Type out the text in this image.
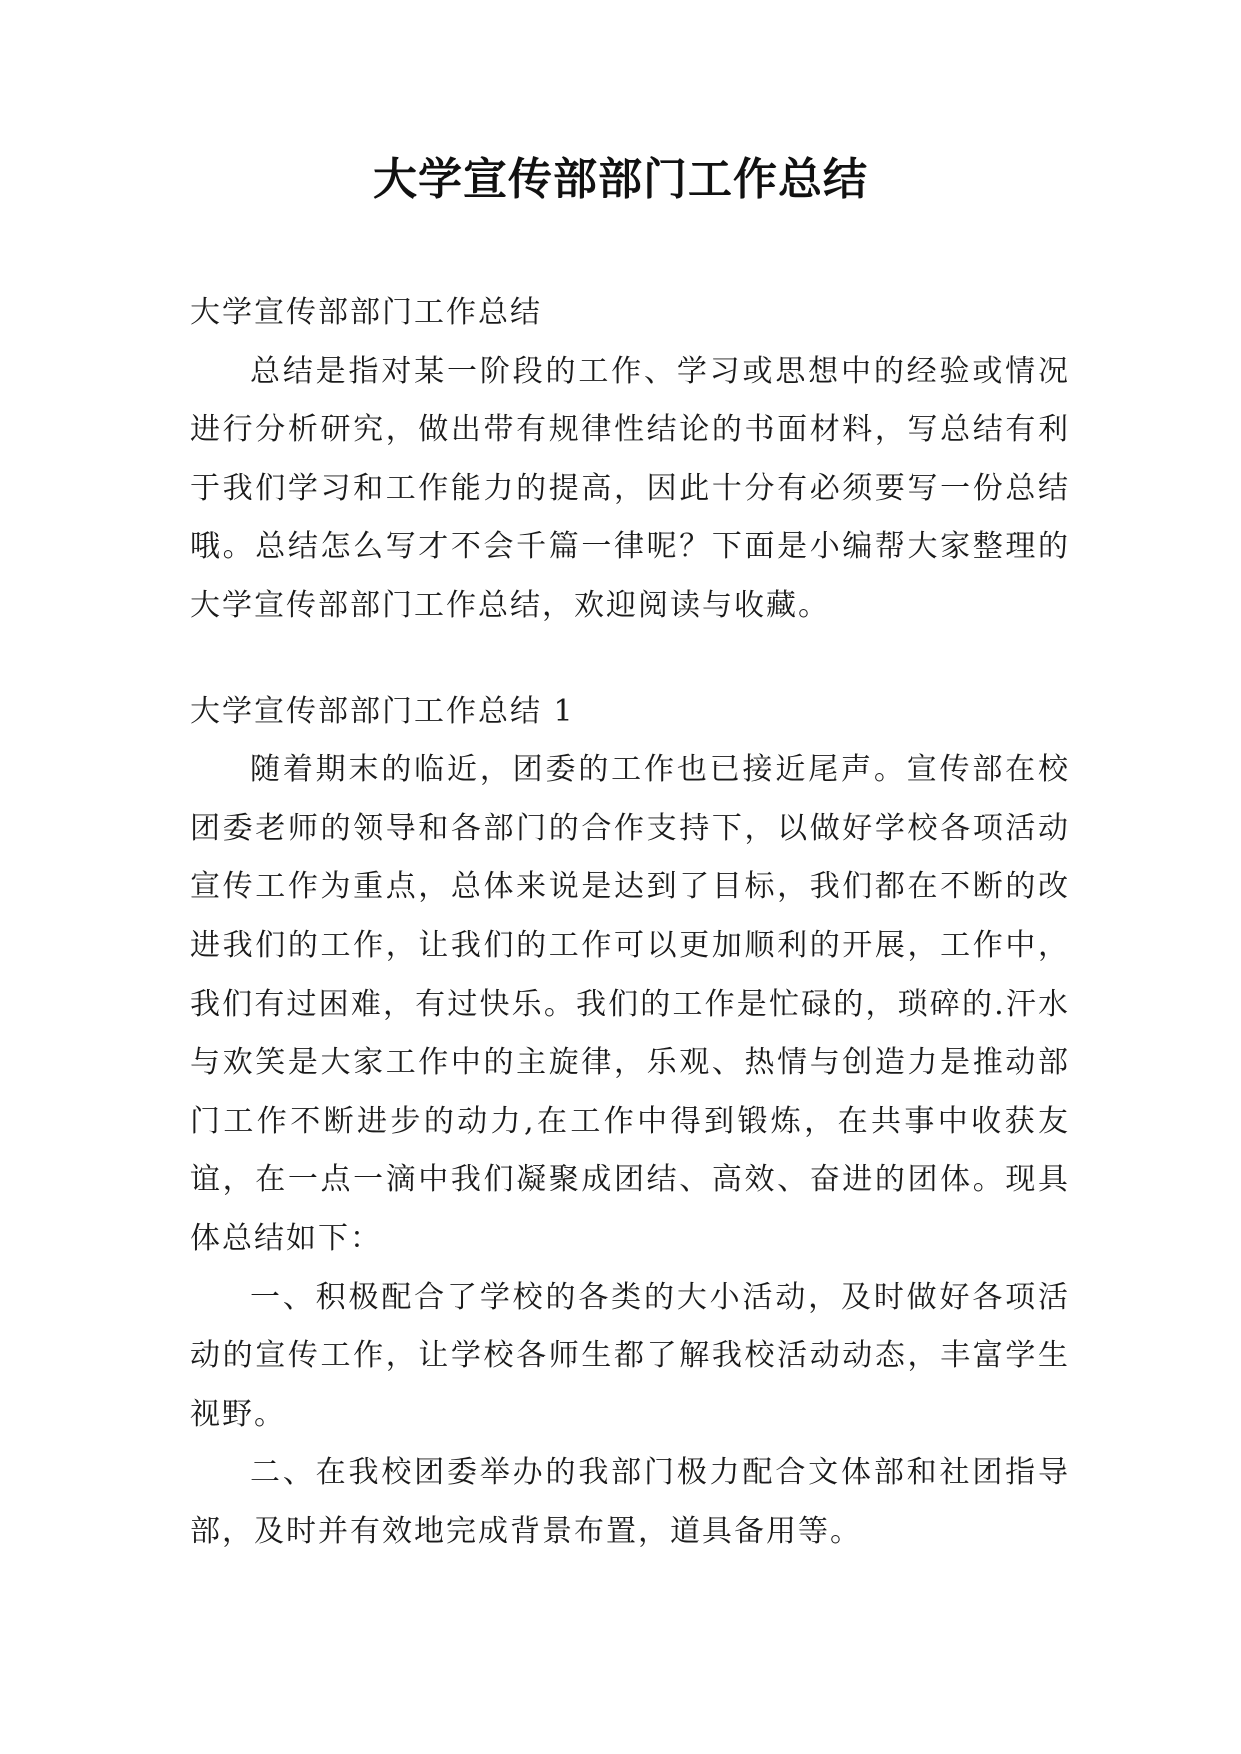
大学宣传部部门工作总结

大学宣传部部门工作总结

总结是指对某一阶段的工作、学习或思想中的经验或情况进行分析研究，做出带有规律性结论的书面材料，写总结有利于我们学习和工作能力的提高，因此十分有必须要写一份总结哦。总结怎么写才不会千篇一律呢？下面是小编帮大家整理的大学宣传部部门工作总结，欢迎阅读与收藏。

大学宣传部部门工作总结 1

随着期末的临近，团委的工作也已接近尾声。宣传部在校团委老师的领导和各部门的合作支持下，以做好学校各项活动宣传工作为重点，总体来说是达到了目标，我们都在不断的改进我们的工作，让我们的工作可以更加顺利的开展，工作中，我们有过困难，有过快乐。我们的工作是忙碌的，琐碎的.汗水与欢笑是大家工作中的主旋律，乐观、热情与创造力是推动部门工作不断进步的动力,在工作中得到锻炼，在共事中收获友谊，在一点一滴中我们凝聚成团结、高效、奋进的团体。现具体总结如下：

一、积极配合了学校的各类的大小活动，及时做好各项活动的宣传工作，让学校各师生都了解我校活动动态，丰富学生视野。

二、在我校团委举办的我部门极力配合文体部和社团指导部，及时并有效地完成背景布置，道具备用等。
